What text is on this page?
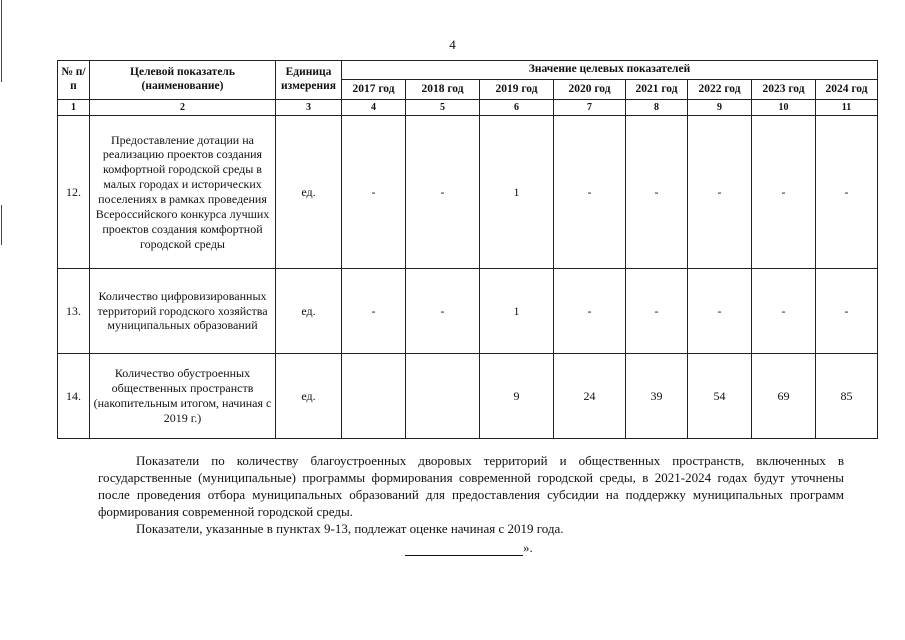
4
№ п/п	Целевой показатель (наименование)	Единица измерения	Значение целевых показателей							
			2017 год	2018 год	2019 год	2020 год	2021 год	2022 год	2023 год	2024 год
1	2	3	4	5	6	7	8	9	10	11
12.	Предоставление дотации на реализацию проектов создания комфортной городской среды в малых городах и исторических поселениях в рамках проведения Всероссийского конкурса лучших проектов создания комфортной городской среды	ед.	-	-	1	-	-	-	-	-
13.	Количество цифровизированных территорий городского хозяйства муниципальных образований	ед.	-	-	1	-	-	-	-	-
14.	Количество обустроенных общественных пространств (накопительным итогом, начиная с 2019 г.)	ед.			9	24	39	54	69	85

Показатели по количеству благоустроенных дворовых территорий и общественных пространств, включенных в государственные (муниципальные) программы формирования современной городской среды, в 2021-2024 годах будут уточнены после проведения отбора муниципальных образований для предоставления субсидии на поддержку муниципальных программ формирования современной городской среды.

Показатели, указанные в пунктах 9-13, подлежат оценке начиная с 2019 года.

».
